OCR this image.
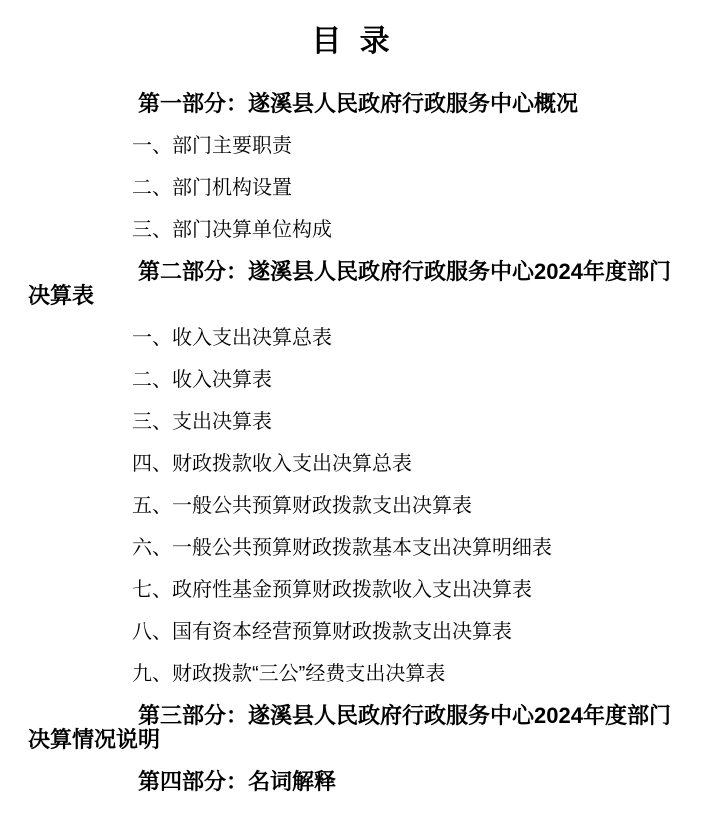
目 录

第一部分：遂溪县人民政府行政服务中心概况

一、部门主要职责

二、部门机构设置

三、部门决算单位构成

第二部分：遂溪县人民政府行政服务中心2024年度部门决算表

一、收入支出决算总表

二、收入决算表

三、支出决算表

四、财政拨款收入支出决算总表

五、一般公共预算财政拨款支出决算表

六、一般公共预算财政拨款基本支出决算明细表

七、政府性基金预算财政拨款收入支出决算表

八、国有资本经营预算财政拨款支出决算表

九、财政拨款“三公”经费支出决算表

第三部分：遂溪县人民政府行政服务中心2024年度部门决算情况说明

第四部分：名词解释
